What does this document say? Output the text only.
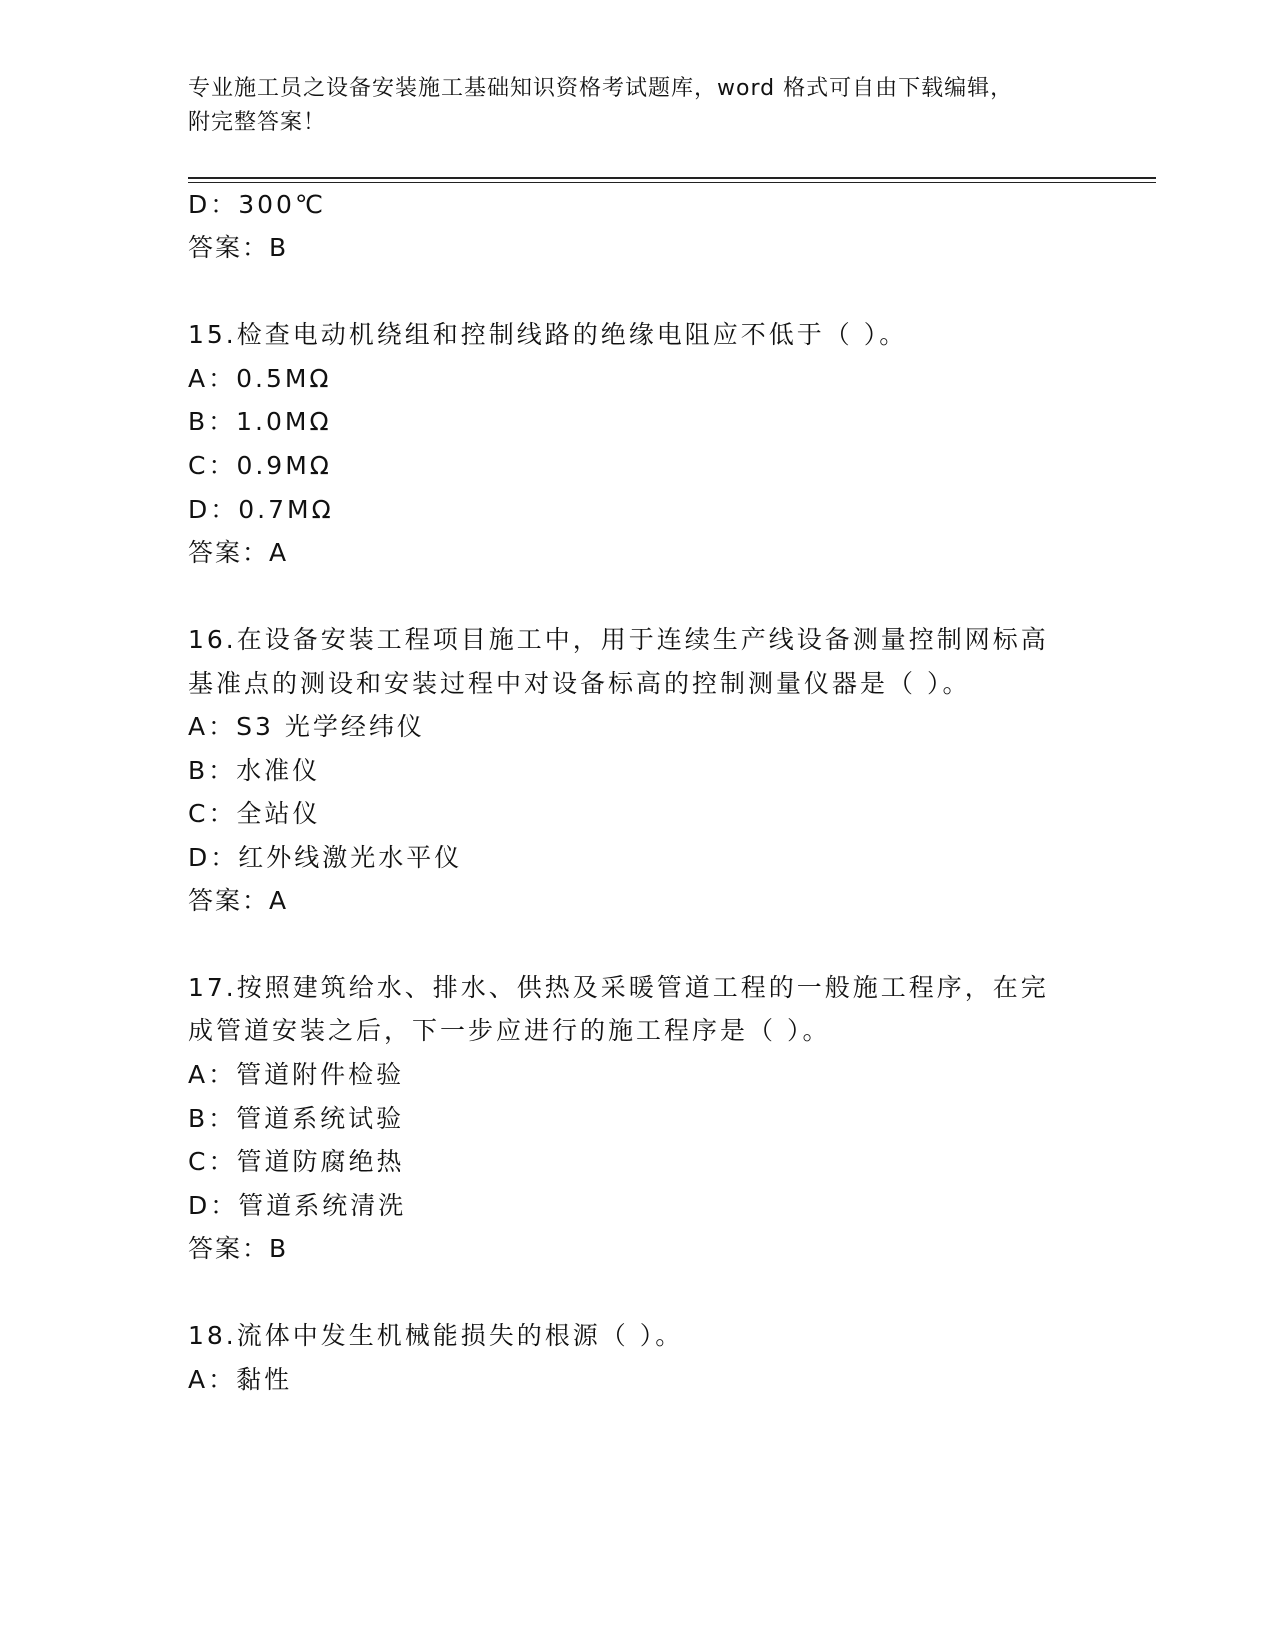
专业施工员之设备安装施工基础知识资格考试题库，word 格式可自由下载编辑，
附完整答案！
D：300℃
答案：B
15.检查电动机绕组和控制线路的绝缘电阻应不低于（ ）。
A：0.5MΩ
B：1.0MΩ
C：0.9MΩ
D：0.7MΩ
答案：A
16.在设备安装工程项目施工中，用于连续生产线设备测量控制网标高
基准点的测设和安装过程中对设备标高的控制测量仪器是（ ）。
A：S3 光学经纬仪
B：水准仪
C：全站仪
D：红外线激光水平仪
答案：A
17.按照建筑给水、排水、供热及采暖管道工程的一般施工程序，在完
成管道安装之后，下一步应进行的施工程序是（ ）。
A：管道附件检验
B：管道系统试验
C：管道防腐绝热
D：管道系统清洗
答案：B
18.流体中发生机械能损失的根源（ ）。
A：黏性
